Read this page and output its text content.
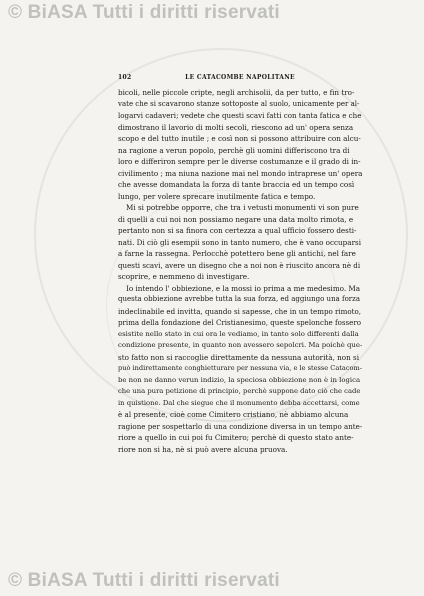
© BiASA Tutti i diritti riservati
102	LE CATACOMBE NAPOLITANE
bicoli, nelle piccole cripte, negli archisolii, da per tutto, e fin tro-
vate che si scavarono stanze sottoposte al suolo, unicamente per al-
logarvi cadaveri; vedete che questi scavi fatti con tanta fatica e che
dimostrano il lavorio di molti secoli, riescono ad un' opera senza
scopo e del tutto inutile ; e così non si possono attribuire con alcu-
na ragione a verun popolo, perchè gli uomini differiscono tra di
loro e differiron sempre per le diverse costumanze e il grado di in-
civilimento ; ma niuna nazione mai nel mondo intraprese un' opera
che avesse domandata la forza di tante braccia ed un tempo così
lungo, per volere sprecare inutilmente fatica e tempo.
Mi si potrebbe opporre, che tra i vetusti monumenti vi son pure
di quelli a cui noi non possiamo negare una data molto rimota, e
pertanto non si sa finora con certezza a qual ufficio fossero desti-
nati. Di ciò gli esempii sono in tanto numero, che è vano occuparsi
a farne la rassegna. Perlocchè potettero bene gli antichi, nel fare
questi scavi, avere un disegno che a noi non è riuscito ancora nè di
scoprire, e nemmeno di investigare.
Io intendo l' obbiezione, e la mossi io prima a me medesimo. Ma
questa obbiezione avrebbe tutta la sua forza, ed aggiungo una forza
indeclinabile ed invitta, quando si sapesse, che in un tempo rimoto,
prima della fondazione del Cristianesimo, queste spelonche fossero
esistite nello stato in cui ora le vediamo, in tanto solo differenti dalla
condizione presente, in quanto non avessero sepolcri. Ma poichè que-
sto fatto non si raccoglie direttamente da nessuna autorità, non si
può indirettamente conghietturare per nessuna via, e le stesse Catacom-
be non ne danno verun indizio, la speciosa obbiezione non è in logica
che una pura petizione di principio, perchè suppone dato ciò che cade
in quistione. Dal che siegue che il monumento debba accettarsi, come
è al presente, cioè come Cimitero cristiano, nè abbiamo alcuna
ragione per sospettarlo di una condizione diversa in un tempo ante-
riore a quello in cui poi fu Cimitero; perchè di questo stato ante-
riore non si ha, nè si può avere alcuna pruova.
© BiASA Tutti i diritti riservati
